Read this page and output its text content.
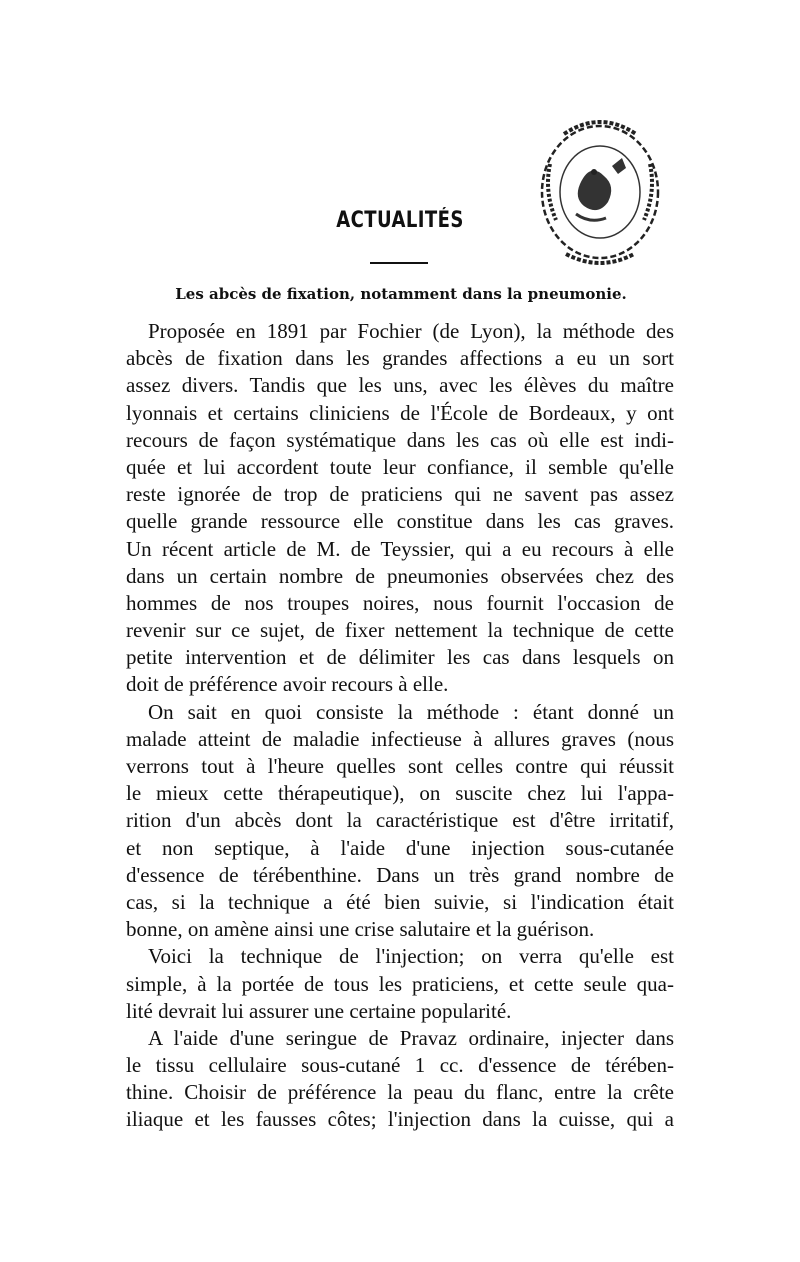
ACTUALITÉS
Les abcès de fixation, notamment dans la pneumonie.
Proposée en 1891 par Fochier (de Lyon), la méthode des
abcès de fixation dans les grandes affections a eu un sort
assez divers. Tandis que les uns, avec les élèves du maître
lyonnais et certains cliniciens de l'École de Bordeaux, y ont
recours de façon systématique dans les cas où elle est indi-
quée et lui accordent toute leur confiance, il semble qu'elle
reste ignorée de trop de praticiens qui ne savent pas assez
quelle grande ressource elle constitue dans les cas graves.
Un récent article de M. de Teyssier, qui a eu recours à elle
dans un certain nombre de pneumonies observées chez des
hommes de nos troupes noires, nous fournit l'occasion de
revenir sur ce sujet, de fixer nettement la technique de cette
petite intervention et de délimiter les cas dans lesquels on
doit de préférence avoir recours à elle.
On sait en quoi consiste la méthode : étant donné un
malade atteint de maladie infectieuse à allures graves (nous
verrons tout à l'heure quelles sont celles contre qui réussit
le mieux cette thérapeutique), on suscite chez lui l'appa-
rition d'un abcès dont la caractéristique est d'être irritatif,
et non septique, à l'aide d'une injection sous-cutanée
d'essence de térébenthine. Dans un très grand nombre de
cas, si la technique a été bien suivie, si l'indication était
bonne, on amène ainsi une crise salutaire et la guérison.
Voici la technique de l'injection; on verra qu'elle est
simple, à la portée de tous les praticiens, et cette seule qua-
lité devrait lui assurer une certaine popularité.
A l'aide d'une seringue de Pravaz ordinaire, injecter dans
le tissu cellulaire sous-cutané 1 cc. d'essence de térében-
thine. Choisir de préférence la peau du flanc, entre la crête
iliaque et les fausses côtes; l'injection dans la cuisse, qui a
